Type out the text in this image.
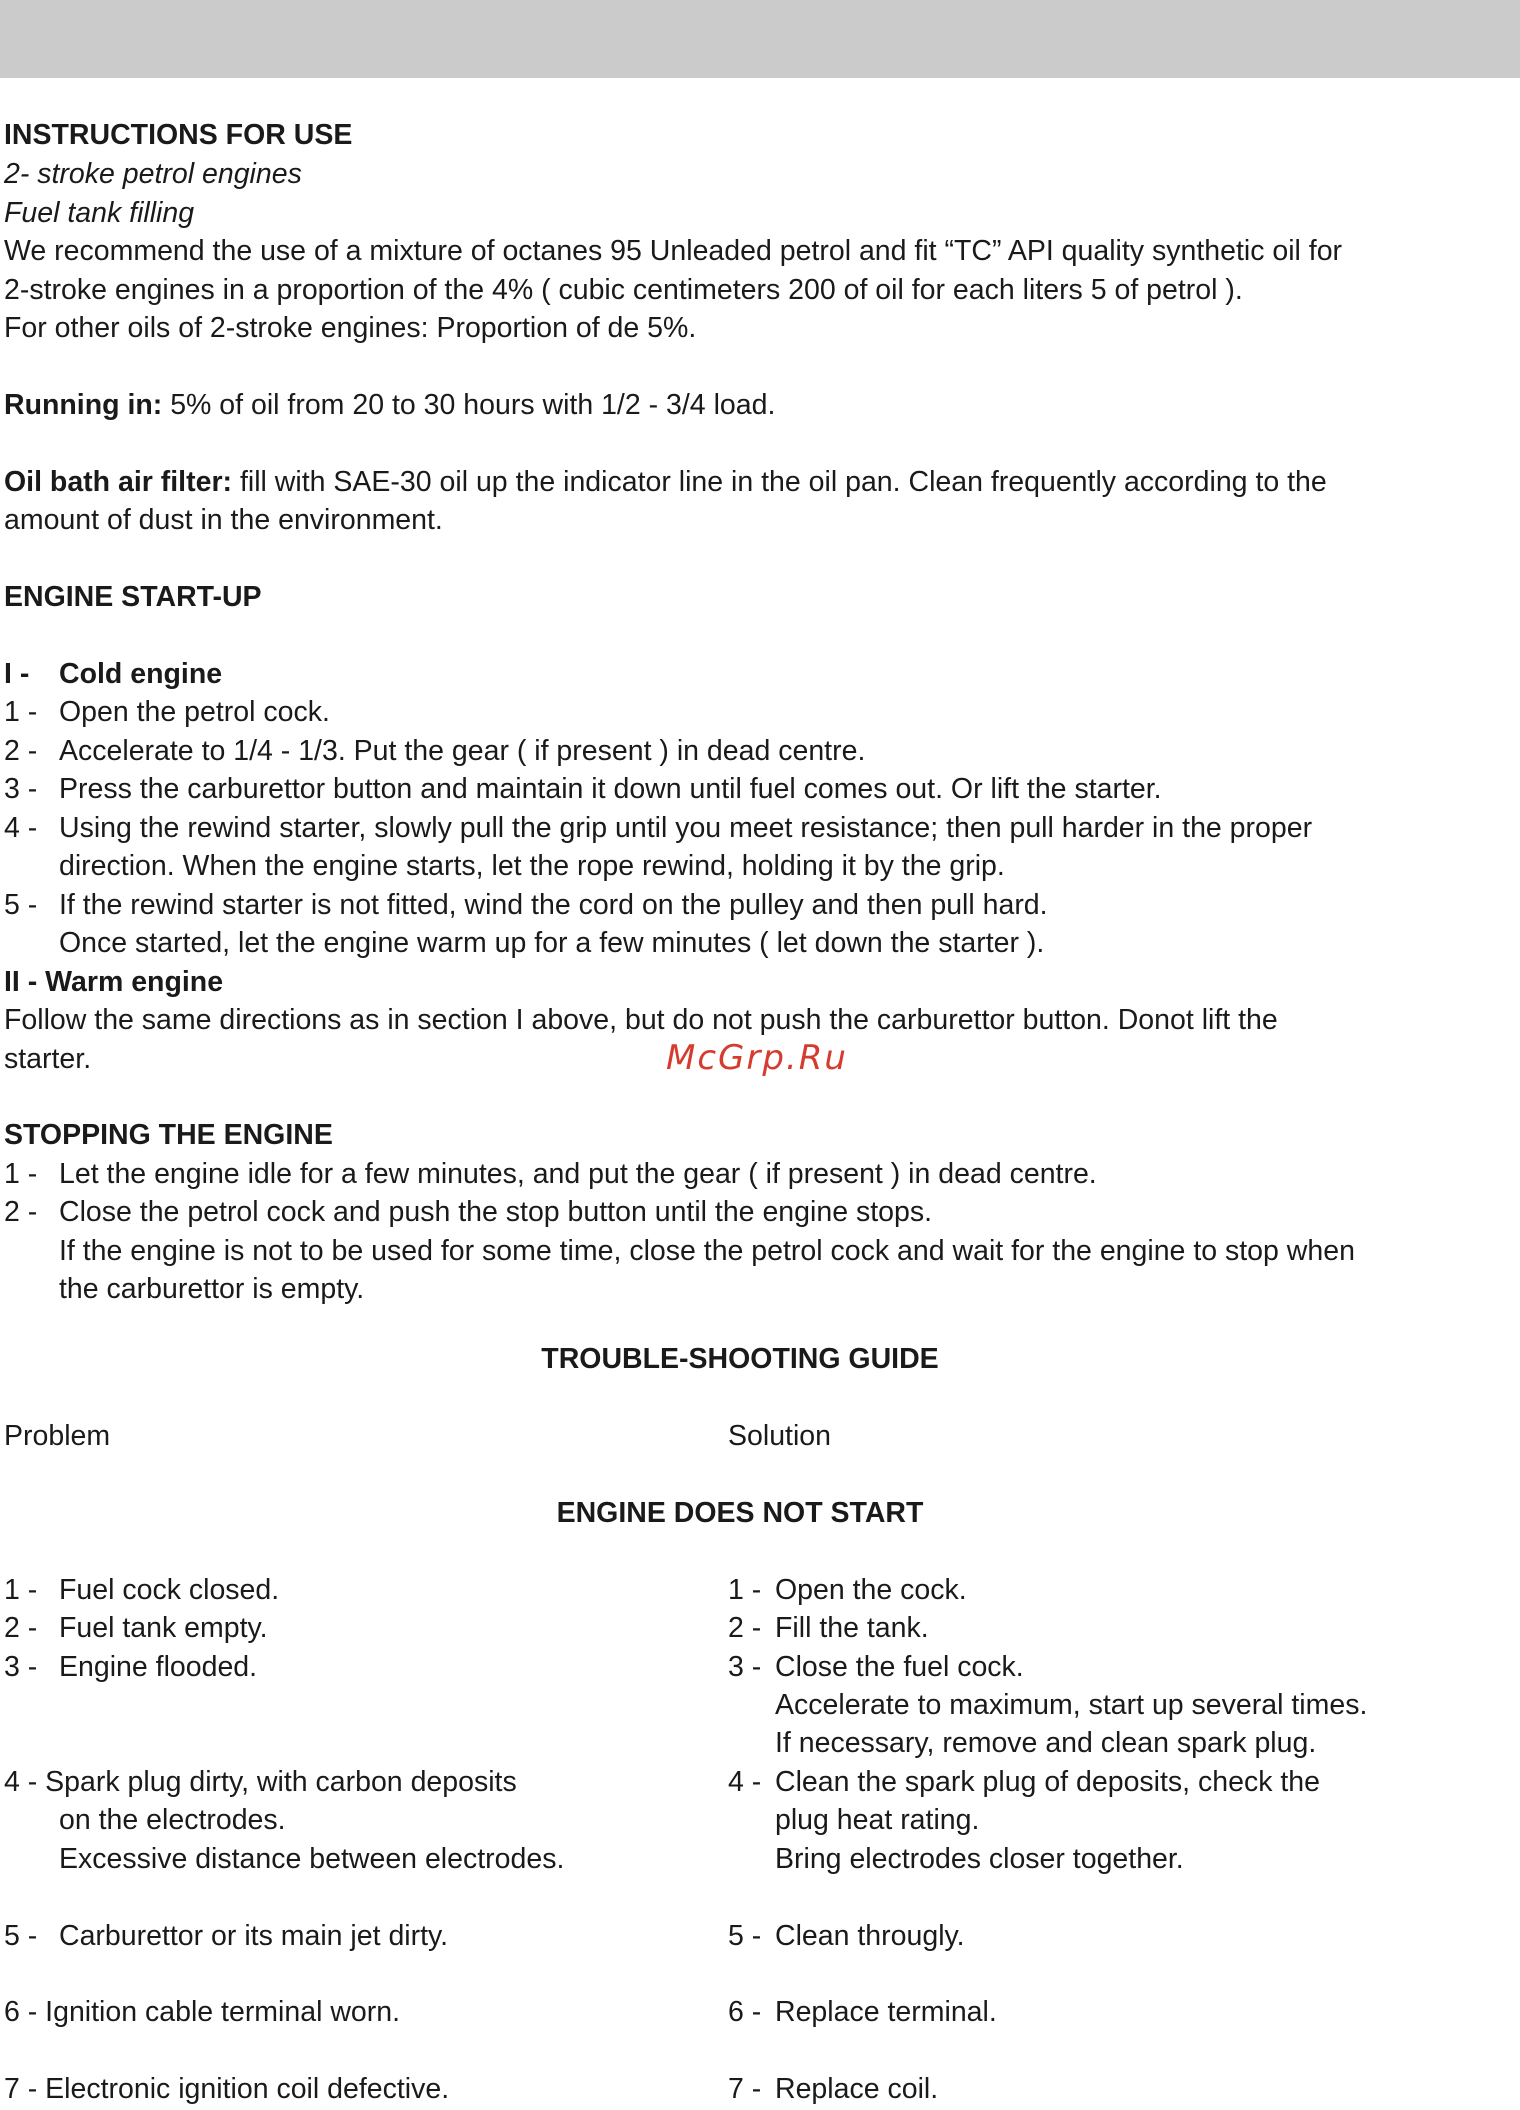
INSTRUCTIONS FOR USE
2- stroke petrol engines
Fuel tank filling
We recommend the use of a mixture of octanes 95 Unleaded petrol and fit “TC” API quality synthetic oil for
2-stroke engines in a proportion of the 4% ( cubic centimeters 200 of oil for each liters 5 of petrol ).
For other oils of 2-stroke engines: Proportion of de 5%.
Running in: 5% of oil from 20 to 30 hours with 1/2 - 3/4 load.
Oil bath air filter: fill with SAE-30 oil up the indicator line in the oil pan. Clean frequently according to the
amount of dust in the environment.
ENGINE START-UP
I - Cold engine
1 - Open the petrol cock.
2 - Accelerate to 1/4 - 1/3. Put the gear ( if present ) in dead centre.
3 - Press the carburettor button and maintain it down until fuel comes out. Or lift the starter.
4 - Using the rewind starter, slowly pull the grip until you meet resistance; then pull harder in the proper
direction. When the engine starts, let the rope rewind, holding it by the grip.
5 - If the rewind starter is not fitted, wind the cord on the pulley and then pull hard.
Once started, let the engine warm up for a few minutes ( let down the starter ).
II - Warm engine
Follow the same directions as in section I above, but do not push the carburettor button. Donot lift the
starter.	McGrp.Ru
STOPPING THE ENGINE
1 - Let the engine idle for a few minutes, and put the gear ( if present ) in dead centre.
2 - Close the petrol cock and push the stop button until the engine stops.
If the engine is not to be used for some time, close the petrol cock and wait for the engine to stop when
the carburettor is empty.
TROUBLE-SHOOTING GUIDE
Problem	Solution
ENGINE DOES NOT START
1 - Fuel cock closed.
2 - Fuel tank empty.
3 - Engine flooded.
4 - Spark plug dirty, with carbon deposits
on the electrodes.
Excessive distance between electrodes.
5 - Carburettor or its main jet dirty.
6 - Ignition cable terminal worn.
7 - Electronic ignition coil defective.
1 - Open the cock.
2 - Fill the tank.
3 - Close the fuel cock.
Accelerate to maximum, start up several times.
If necessary, remove and clean spark plug.
4 - Clean the spark plug of deposits, check the
plug heat rating.
Bring electrodes closer together.
5 - Clean througly.
6 - Replace terminal.
7 - Replace coil.
